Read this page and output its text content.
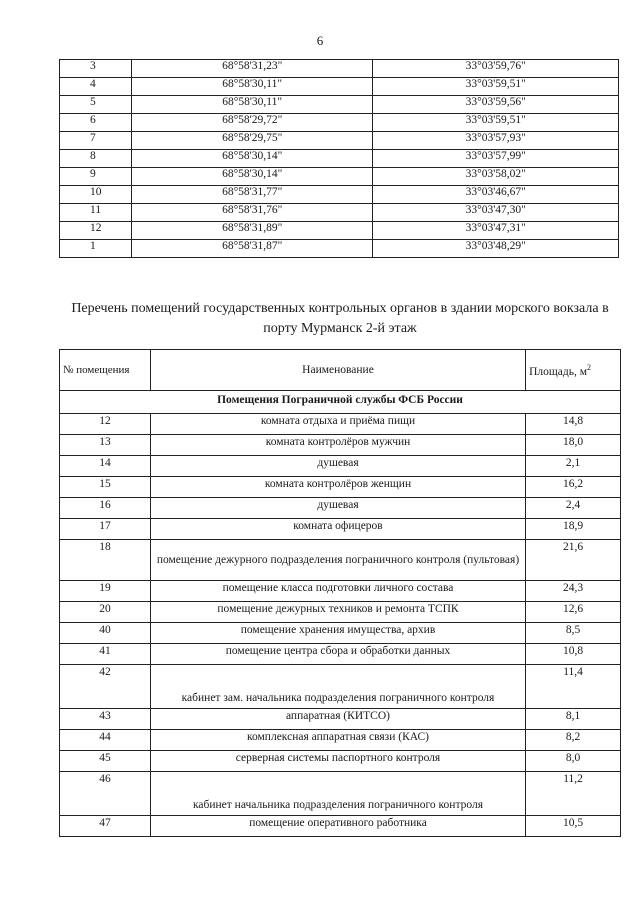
6
3	68°58'31,23"	33°03'59,76"
4	68°58'30,11"	33°03'59,51"
5	68°58'30,11"	33°03'59,56"
6	68°58'29,72"	33°03'59,51"
7	68°58'29,75"	33°03'57,93"
8	68°58'30,14"	33°03'57,99"
9	68°58'30,14"	33°03'58,02"
10	68°58'31,77"	33°03'46,67"
11	68°58'31,76"	33°03'47,30"
12	68°58'31,89"	33°03'47,31"
1	68°58'31,87"	33°03'48,29"
Перечень помещений государственных контрольных органов в здании морского вокзала в порту Мурманск 2-й этаж
№ помещения	Наименование	Площадь, $м^2$
Помещения Пограничной службы ФСБ России		
12	комната отдыха и приёма пищи	14,8
13	комната контролёров мужчин	18,0
14	душевая	2,1
15	комната контролёров женщин	16,2
16	душевая	2,4
17	комната офицеров	18,9
18	помещение дежурного подразделения пограничного контроля (пультовая)	21,6
19	помещение класса подготовки личного состава	24,3
20	помещение дежурных техников и ремонта ТСПК	12,6
40	помещение хранения имущества, архив	8,5
41	помещение центра сбора и обработки данных	10,8
42	кабинет зам. начальника подразделения пограничного контроля	11,4
43	аппаратная (КИТСО)	8,1
44	комплексная аппаратная связи (КАС)	8,2
45	серверная системы паспортного контроля	8,0
46	кабинет начальника подразделения пограничного контроля	11,2
47	помещение оперативного работника	10,5
